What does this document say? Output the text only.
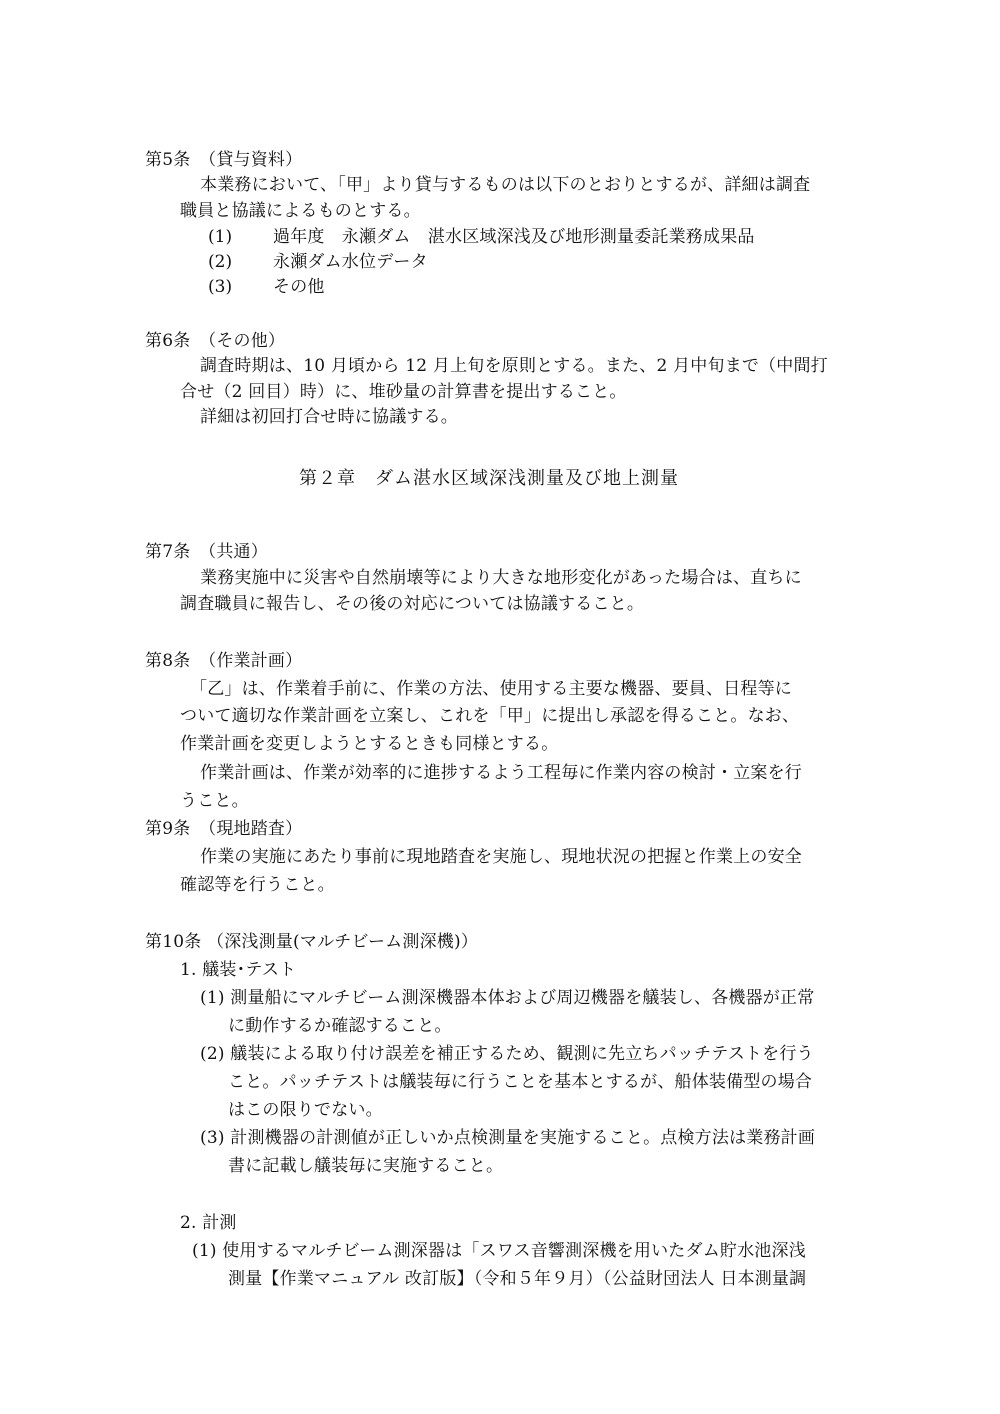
第5条　（貸与資料）
本業務において、「甲」より貸与するものは以下のとおりとするが、詳細は調査
職員と協議によるものとする。
(1) 過年度　永瀬ダム　湛水区域深浅及び地形測量委託業務成果品
(2) 永瀬ダム水位データ
(3) その他
第6条　（その他）
調査時期は、10 月頃から 12 月上旬を原則とする。また、2 月中旬まで（中間打
合せ（2 回目）時）に、堆砂量の計算書を提出すること。
詳細は初回打合せ時に協議する。
第２章　ダム湛水区域深浅測量及び地上測量
第7条　（共通）
業務実施中に災害や自然崩壊等により大きな地形変化があった場合は、直ちに
調査職員に報告し、その後の対応については協議すること。
第8条　（作業計画）
「乙」は、作業着手前に、作業の方法、使用する主要な機器、要員、日程等に
ついて適切な作業計画を立案し、これを「甲」に提出し承認を得ること。なお、
作業計画を変更しようとするときも同様とする。
作業計画は、作業が効率的に進捗するよう工程毎に作業内容の検討・立案を行
うこと。
第9条　（現地踏査）
作業の実施にあたり事前に現地踏査を実施し、現地状況の把握と作業上の安全
確認等を行うこと。
第10条 （深浅測量(マルチビーム測深機)）
1. 艤装･テスト
(1) 測量船にマルチビーム測深機器本体および周辺機器を艤装し、各機器が正常
に動作するか確認すること。
(2) 艤装による取り付け誤差を補正するため、観測に先立ちパッチテストを行う
こと。パッチテストは艤装毎に行うことを基本とするが、船体装備型の場合
はこの限りでない。
(3) 計測機器の計測値が正しいか点検測量を実施すること。点検方法は業務計画
書に記載し艤装毎に実施すること。
2. 計測
(1) 使用するマルチビーム測深器は「スワス音響測深機を用いたダム貯水池深浅
測量【作業マニュアル 改訂版】（令和５年９月）（公益財団法人 日本測量調
